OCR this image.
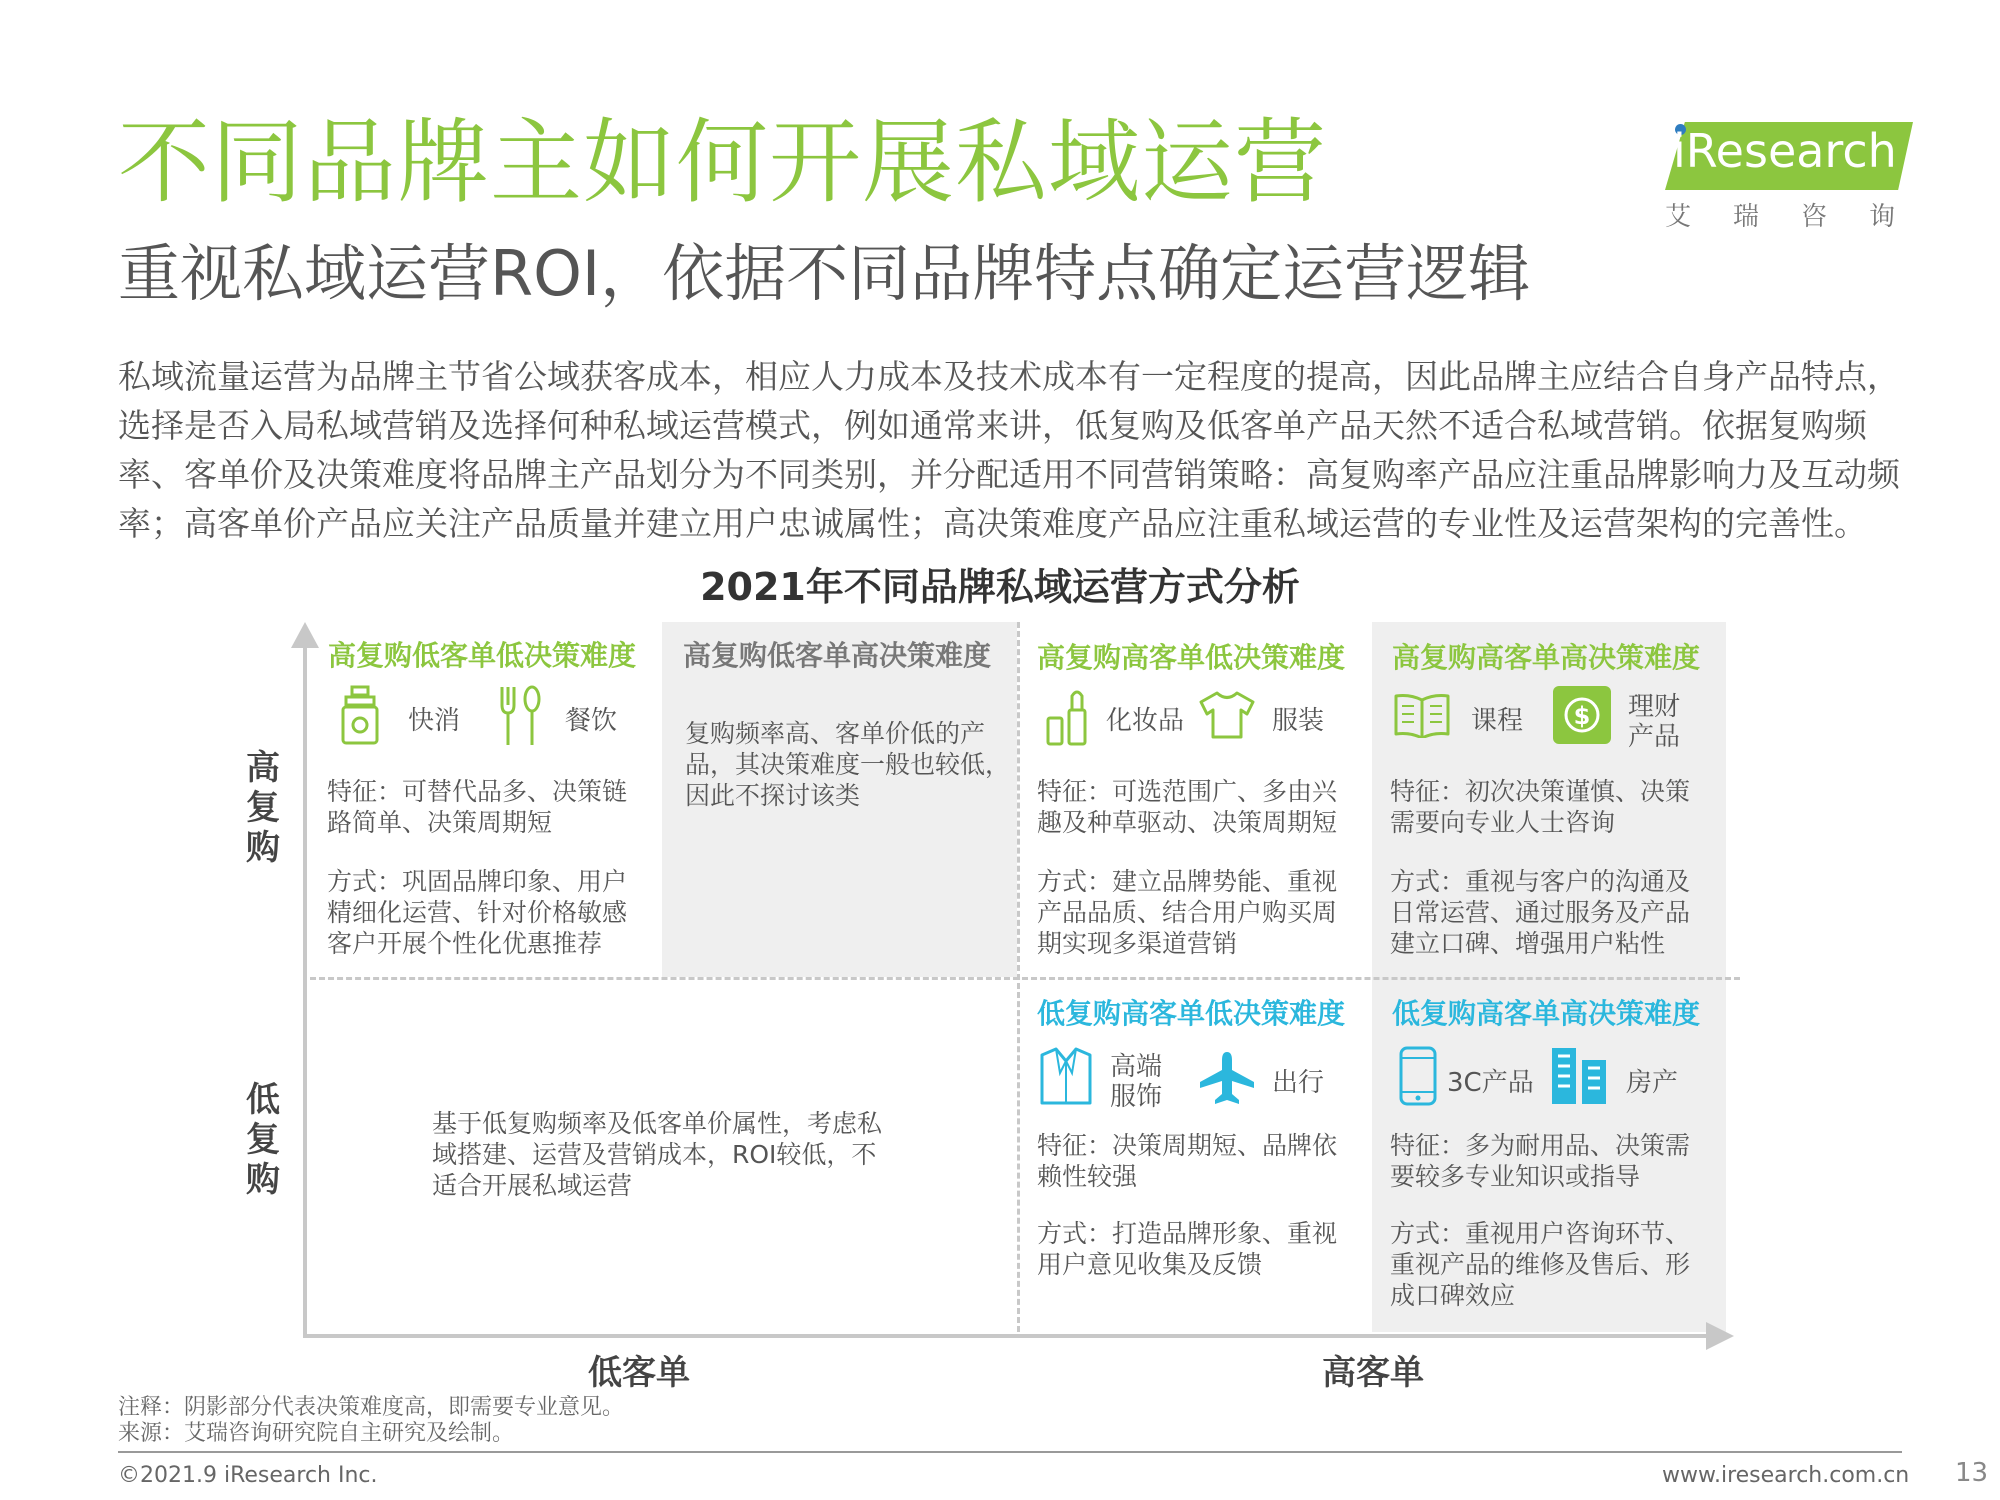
不同品牌主如何开展私域运营
重视私域运营ROI，依据不同品牌特点确定运营逻辑
私域流量运营为品牌主节省公域获客成本，相应人力成本及技术成本有一定程度的提高，因此品牌主应结合自身产品特点，选择是否入局私域营销及选择何种私域运营模式，例如通常来讲，低复购及低客单产品天然不适合私域营销。依据复购频率、客单价及决策难度将品牌主产品划分为不同类别，并分配适用不同营销策略：高复购率产品应注重品牌影响力及互动频率；高客单价产品应关注产品质量并建立用户忠诚属性；高决策难度产品应注重私域运营的专业性及运营架构的完善性。
iResearch
艾瑞咨询
2021年不同品牌私域运营方式分析
高复购
低复购
低客单	高客单
高复购低客单低决策难度
快消	餐饮
特征：可替代品多、决策链路简单、决策周期短
方式：巩固品牌印象、用户精细化运营、针对价格敏感客户开展个性化优惠推荐
高复购低客单高决策难度
复购频率高、客单价低的产品，其决策难度一般也较低，因此不探讨该类
高复购高客单低决策难度
化妆品	服装
特征：可选范围广、多由兴趣及种草驱动、决策周期短
方式：建立品牌势能、重视产品品质、结合用户购买周期实现多渠道营销
高复购高客单高决策难度
课程 $ 理财产品
特征：初次决策谨慎、决策需要向专业人士咨询
方式：重视与客户的沟通及日常运营、通过服务及产品建立口碑、增强用户粘性
基于低复购频率及低客单价属性，考虑私域搭建、运营及营销成本，ROI较低，不适合开展私域运营
低复购高客单低决策难度
高端服饰	出行
特征：决策周期短、品牌依赖性较强
方式：打造品牌形象、重视用户意见收集及反馈
低复购高客单高决策难度
3C产品	房产
特征：多为耐用品、决策需要较多专业知识或指导
方式：重视用户咨询环节、重视产品的维修及售后、形成口碑效应
注释：阴影部分代表决策难度高，即需要专业意见。
来源：艾瑞咨询研究院自主研究及绘制。
©2021.9 iResearch Inc.	www.iresearch.com.cn 13
